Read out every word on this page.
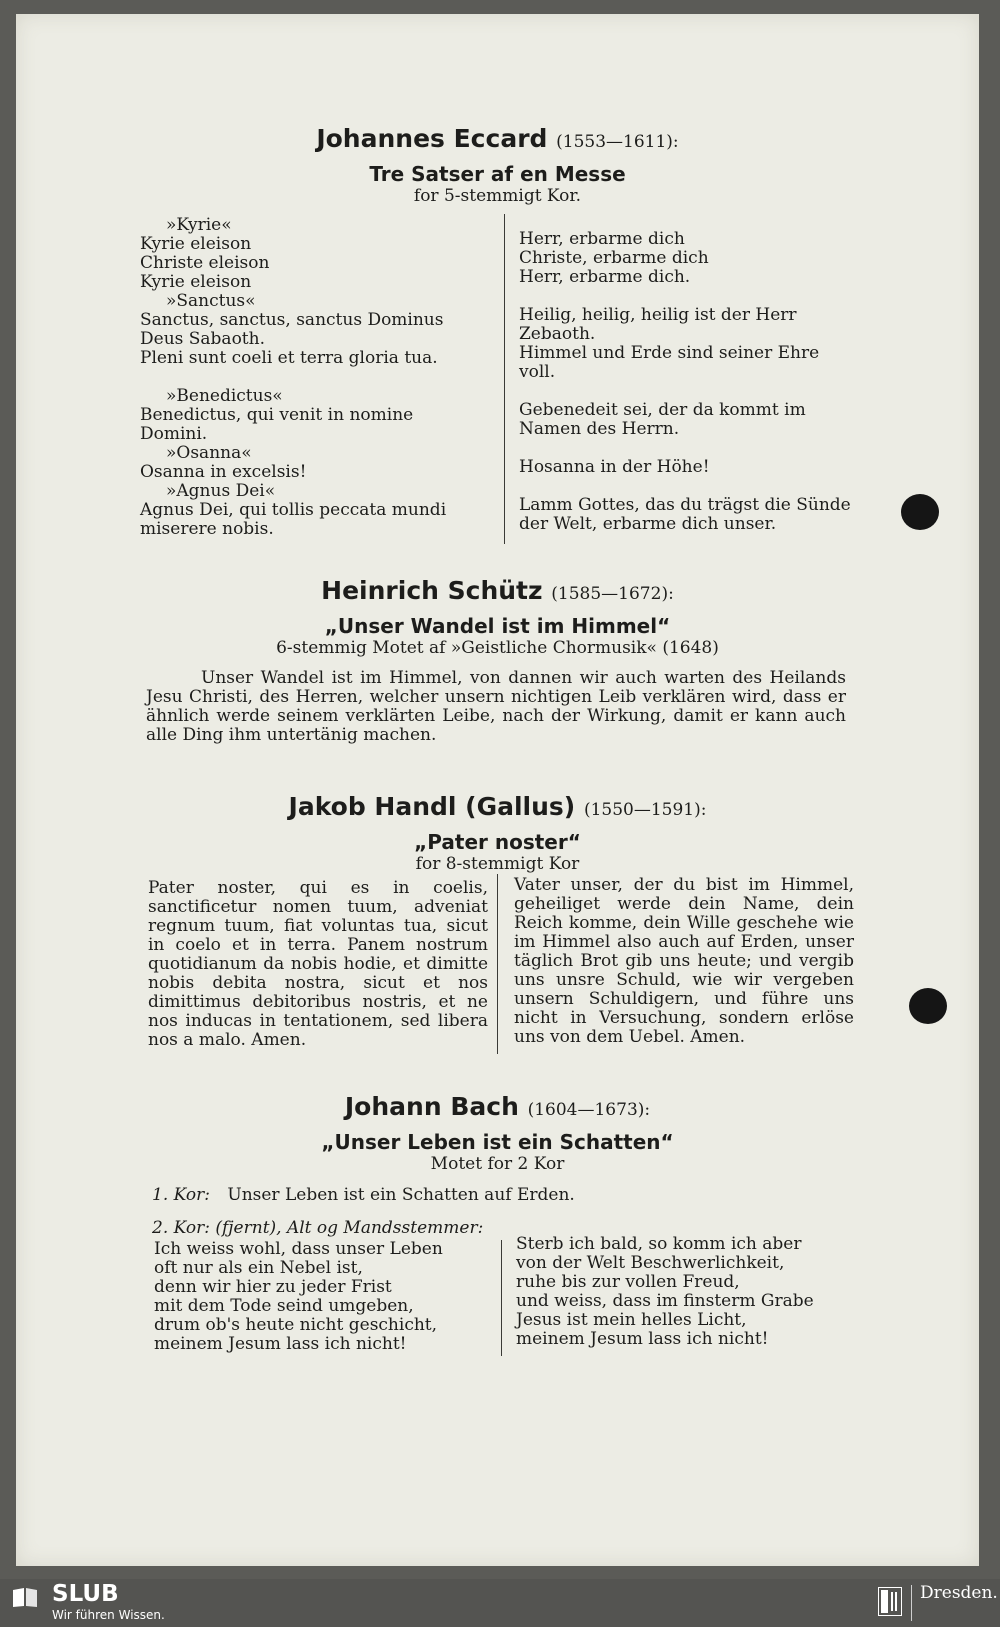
Johannes Eccard (1553—1611):
Tre Satser af en Messe
for 5-stemmigt Kor.
»Kyrie«
Kyrie eleison
Christe eleison
Kyrie eleison
»Sanctus«
Sanctus, sanctus, sanctus Dominus
Deus Sabaoth.
Pleni sunt coeli et terra gloria tua.
»Benedictus«
Benedictus, qui venit in nomine
Domini.
»Osanna«
Osanna in excelsis!
»Agnus Dei«
Agnus Dei, qui tollis peccata mundi
miserere nobis.
Herr, erbarme dich
Christe, erbarme dich
Herr, erbarme dich.
Heilig, heilig, heilig ist der Herr
Zebaoth.
Himmel und Erde sind seiner Ehre
voll.
Gebenedeit sei, der da kommt im
Namen des Herrn.
Hosanna in der Höhe!
Lamm Gottes, das du trägst die Sünde
der Welt, erbarme dich unser.
Heinrich Schütz (1585—1672):
„Unser Wandel ist im Himmel“
6-stemmig Motet af »Geistliche Chormusik« (1648)
Unser Wandel ist im Himmel, von dannen wir auch warten des Heilands Jesu Christi, des Herren, welcher unsern nichtigen Leib verklären wird, dass er ähnlich werde seinem verklärten Leibe, nach der Wirkung, damit er kann auch alle Ding ihm untertänig machen.
Jakob Handl (Gallus) (1550—1591):
„Pater noster“
for 8-stemmigt Kor
Pater noster, qui es in coelis, sanctificetur nomen tuum, adveniat regnum tuum, fiat voluntas tua, sicut in coelo et in terra. Panem nostrum quotidianum da nobis hodie, et dimitte nobis debita nostra, sicut et nos dimittimus debitoribus nostris, et ne nos inducas in tentationem, sed libera nos a malo. Amen.
Vater unser, der du bist im Himmel, geheiliget werde dein Name, dein Reich komme, dein Wille geschehe wie im Himmel also auch auf Erden, unser täglich Brot gib uns heute; und vergib uns unsre Schuld, wie wir vergeben unsern Schuldigern, und führe uns nicht in Versuchung, sondern erlöse uns von dem Uebel. Amen.
Johann Bach (1604—1673):
„Unser Leben ist ein Schatten“
Motet for 2 Kor
1. Kor: Unser Leben ist ein Schatten auf Erden.
2. Kor: (fjernt), Alt og Mandsstemmer:
Ich weiss wohl, dass unser Leben
oft nur als ein Nebel ist,
denn wir hier zu jeder Frist
mit dem Tode seind umgeben,
drum ob's heute nicht geschicht,
meinem Jesum lass ich nicht!
Sterb ich bald, so komm ich aber
von der Welt Beschwerlichkeit,
ruhe bis zur vollen Freud,
und weiss, dass im finsterm Grabe
Jesus ist mein helles Licht,
meinem Jesum lass ich nicht!
SLUB
Wir führen Wissen.
Dresden.
